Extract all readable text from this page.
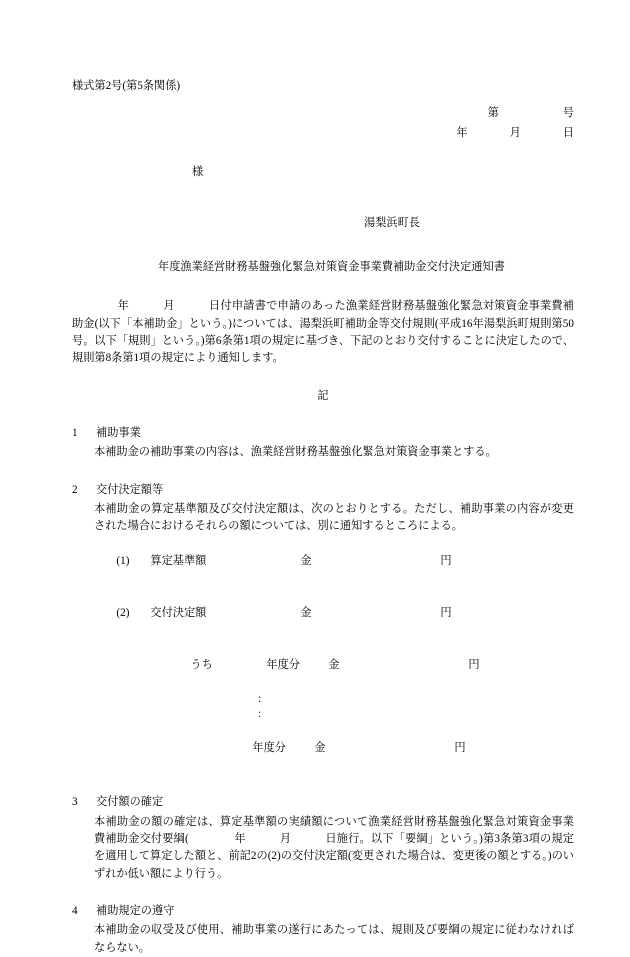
様式第2号(第5条関係)
第	号
年	月	日
様
湯梨浜町長
年度漁業経営財務基盤強化緊急対策資金事業費補助金交付決定通知書
　　　　年　　　月　　　日付申請書で申請のあった漁業経営財務基盤強化緊急対策資金事業費補助金(以下「本補助金」という。)については、湯梨浜町補助金等交付規則(平成16年湯梨浜町規則第50号。以下「規則」という。)第6条第1項の規定に基づき、下記のとおり交付することに決定したので、規則第8条第1項の規定により通知します。
記
1 補助事業
本補助金の補助事業の内容は、漁業経営財務基盤強化緊急対策資金事業とする。
2 交付決定額等
本補助金の算定基準額及び交付決定額は、次のとおりとする。ただし、補助事業の内容が変更された場合におけるそれらの額については、別に通知するところによる。

(1) 算定基準額	金	円

(2) 交付決定額	金	円

うち	年度分	金	円

:
:

年度分	金	円

3 交付額の確定
本補助金の額の確定は、算定基準額の実績額について漁業経営財務基盤強化緊急対策資金事業費補助金交付要綱(　　　　年　　　月　　　日施行。以下「要綱」という。)第3条第3項の規定を適用して算定した額と、前記2の(2)の交付決定額(変更された場合は、変更後の額とする。)のいずれか低い額により行う。
4 補助規定の遵守
本補助金の収受及び使用、補助事業の遂行にあたっては、規則及び要綱の規定に従わなければならない。
